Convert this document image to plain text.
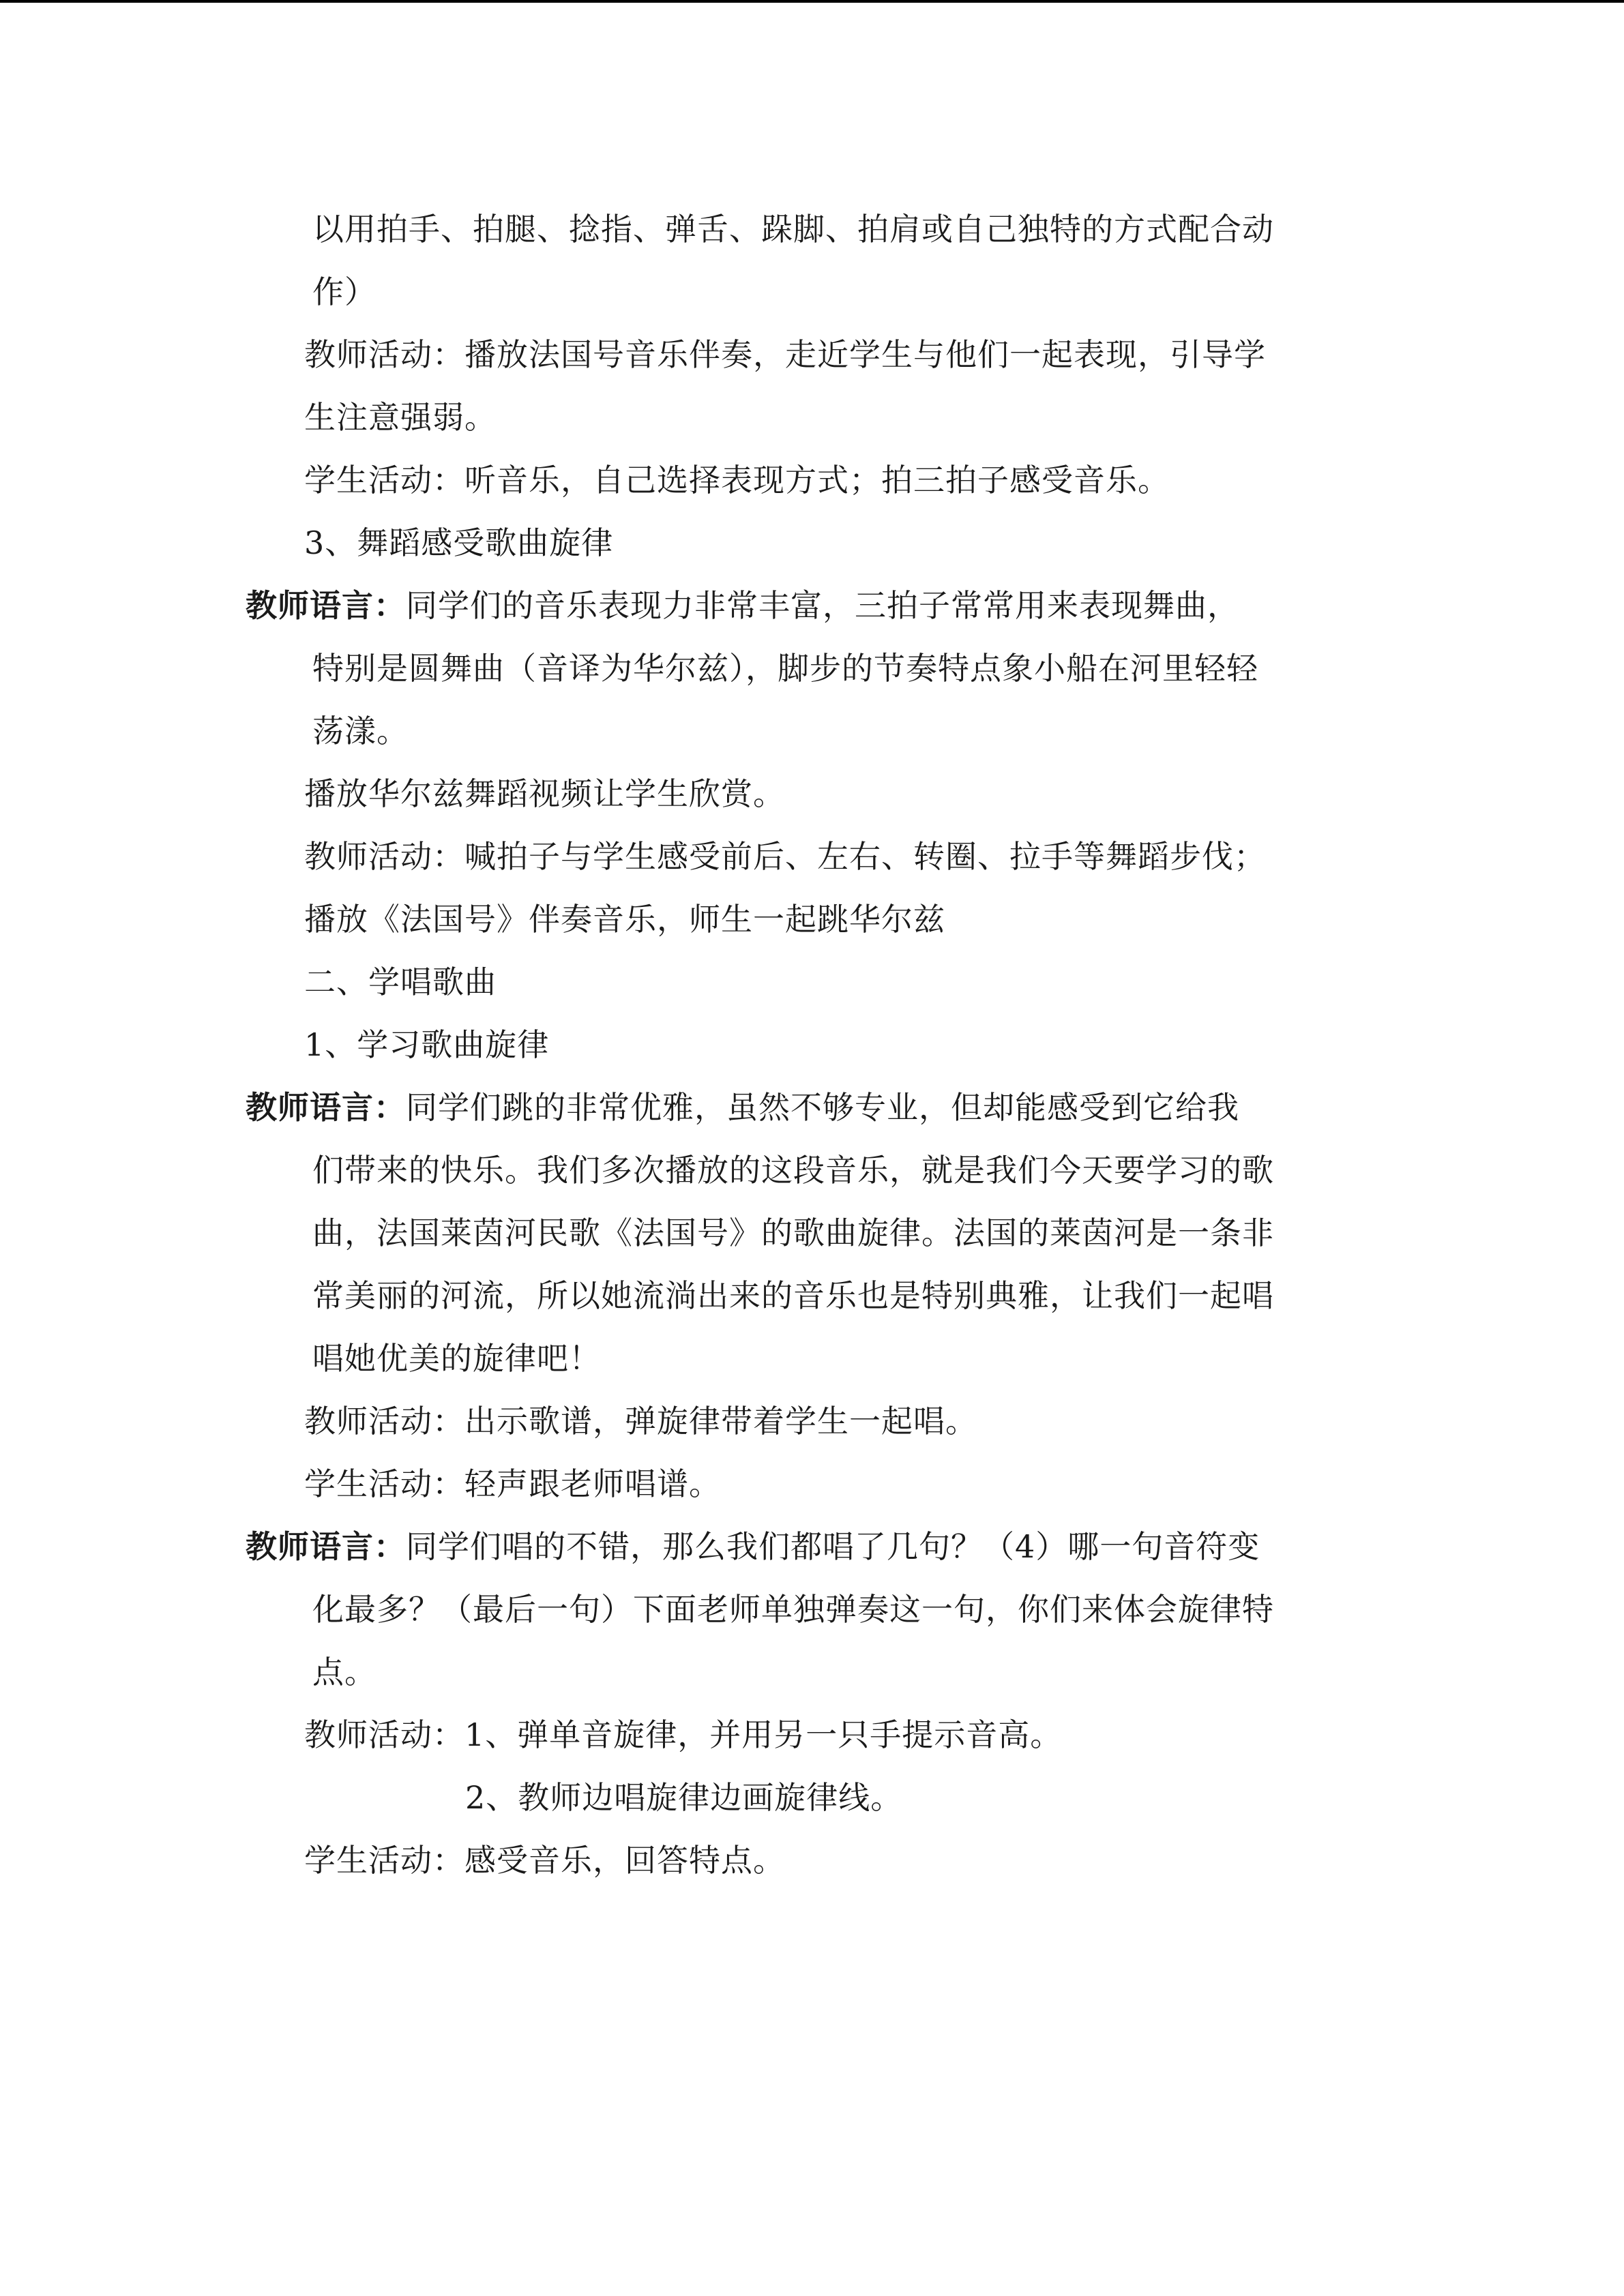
以用拍手、拍腿、捻指、弹舌、跺脚、拍肩或自己独特的方式配合动
作）
教师活动：播放法国号音乐伴奏，走近学生与他们一起表现，引导学
生注意强弱。
学生活动：听音乐，自己选择表现方式；拍三拍子感受音乐。
3、舞蹈感受歌曲旋律
教师语言：同学们的音乐表现力非常丰富，三拍子常常用来表现舞曲，
特别是圆舞曲（音译为华尔兹），脚步的节奏特点象小船在河里轻轻
荡漾。
播放华尔兹舞蹈视频让学生欣赏。
教师活动：喊拍子与学生感受前后、左右、转圈、拉手等舞蹈步伐；
播放《法国号》伴奏音乐，师生一起跳华尔兹
二、学唱歌曲
1、学习歌曲旋律
教师语言：同学们跳的非常优雅，虽然不够专业，但却能感受到它给我
们带来的快乐。我们多次播放的这段音乐，就是我们今天要学习的歌
曲，法国莱茵河民歌《法国号》的歌曲旋律。法国的莱茵河是一条非
常美丽的河流，所以她流淌出来的音乐也是特别典雅，让我们一起唱
唱她优美的旋律吧！
教师活动：出示歌谱，弹旋律带着学生一起唱。
学生活动：轻声跟老师唱谱。
教师语言：同学们唱的不错，那么我们都唱了几句？（4）哪一句音符变
化最多？（最后一句）下面老师单独弹奏这一句，你们来体会旋律特
点。
教师活动：1、弹单音旋律，并用另一只手提示音高。
2、教师边唱旋律边画旋律线。
学生活动：感受音乐，回答特点。
